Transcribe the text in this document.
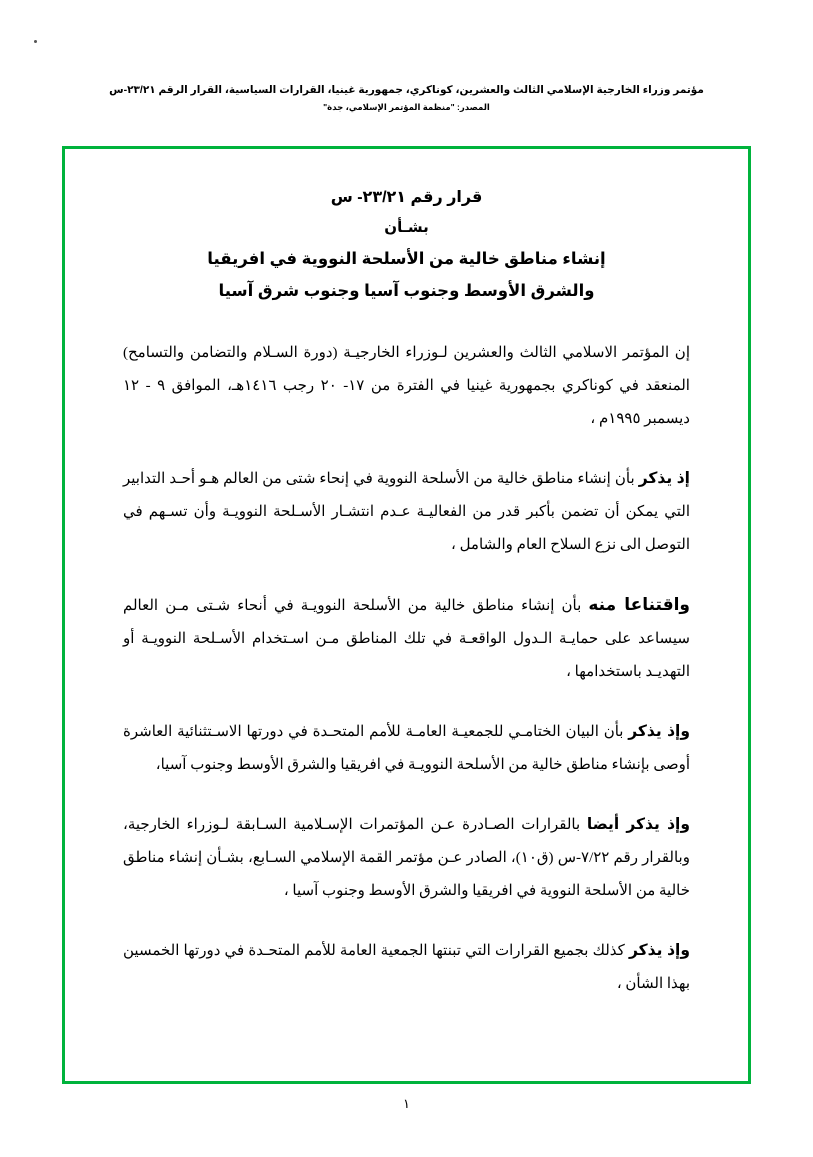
مؤتمر وزراء الخارجية الإسلامي الثالث والعشرين، كوناكري، جمهورية غينيا، القرارات السياسية، القرار الرقم ٢٣/٢١-س
المصدر: "منظمة المؤتمر الإسلامي، جدة"
قرار رقم ٢٣/٢١- س
بشـأن
إنشاء مناطق خالية من الأسلحة النووية في افريقيا
والشرق الأوسط وجنوب آسيا وجنوب شرق آسيا

إن المؤتمر الاسلامي الثالث والعشرين لـوزراء الخارجيـة (دورة السـلام والتضامن والتسامح) المنعقد في كوناكري بجمهورية غينيا في الفترة من ١٧- ٢٠ رجب ١٤١٦هـ، الموافق ٩ - ١٢ ديسمبر ١٩٩٥م ،

إذ يذكر بأن إنشاء مناطق خالية من الأسلحة النووية في إنحاء شتى من العالم هـو أحـد التدابير التي يمكن أن تضمن بأكبر قدر من الفعاليـة عـدم انتشـار الأسـلحة النوويـة وأن تسـهم في التوصل الى نزع السلاح العام والشامل ،

واقتناعا منه بأن إنشاء مناطق خالية من الأسلحة النوويـة في أنحاء شـتى مـن العالم سيساعد على حمايـة الـدول الواقعـة في تلك المناطق مـن اسـتخدام الأسـلحة النوويـة أو التهديـد باستخدامها ،

وإذ يذكر بأن البيان الختامـي للجمعيـة العامـة للأمم المتحـدة في دورتها الاسـتثنائية العاشرة أوصى بإنشاء مناطق خالية من الأسلحة النوويـة في افريقيا والشرق الأوسط وجنوب آسيا،

وإذ يذكر أيضا بالقرارات الصـادرة عـن المؤتمرات الإسـلامية السـابقة لـوزراء الخارجية، وبالقرار رقم ٧/٢٢-س (ق١٠)، الصادر عـن مؤتمر القمة الإسلامي السـابع، بشـأن إنشاء مناطق خالية من الأسلحة النووية في افريقيا والشرق الأوسط وجنوب آسيا ،

وإذ يذكر كذلك بجميع القرارات التي تبنتها الجمعية العامة للأمم المتحـدة في دورتها الخمسين بهذا الشأن ،

١
